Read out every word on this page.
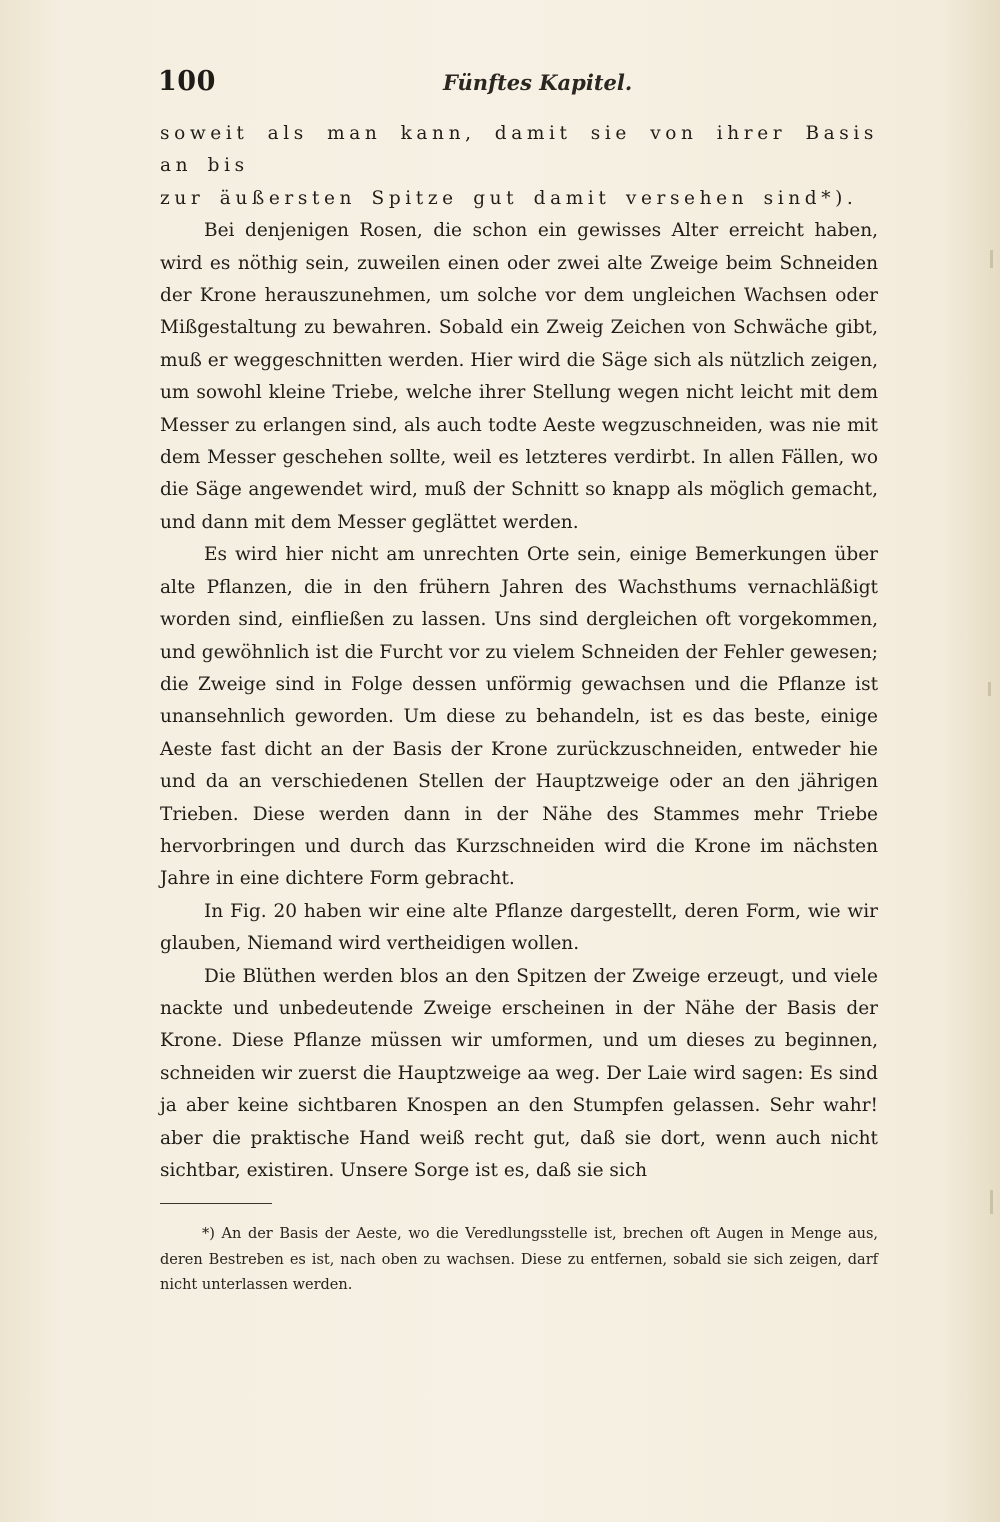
100	Fünftes Kapitel.

soweit als man kann, damit sie von ihrer Basis an bis
zur äußersten Spitze gut damit versehen sind*).

Bei denjenigen Rosen, die schon ein gewisses Alter erreicht haben, wird es nöthig sein, zuweilen einen oder zwei alte Zweige beim Schneiden der Krone herauszunehmen, um solche vor dem ungleichen Wachsen oder Mißgestaltung zu bewahren. Sobald ein Zweig Zeichen von Schwäche gibt, muß er weggeschnitten werden. Hier wird die Säge sich als nützlich zeigen, um sowohl kleine Triebe, welche ihrer Stellung wegen nicht leicht mit dem Messer zu erlangen sind, als auch todte Aeste wegzuschneiden, was nie mit dem Messer geschehen sollte, weil es letzteres verdirbt. In allen Fällen, wo die Säge angewendet wird, muß der Schnitt so knapp als möglich gemacht, und dann mit dem Messer geglättet werden.

Es wird hier nicht am unrechten Orte sein, einige Bemerkungen über alte Pflanzen, die in den frühern Jahren des Wachsthums vernachläßigt worden sind, einfließen zu lassen. Uns sind dergleichen oft vorgekommen, und gewöhnlich ist die Furcht vor zu vielem Schneiden der Fehler gewesen; die Zweige sind in Folge dessen unförmig gewachsen und die Pflanze ist unansehnlich geworden. Um diese zu behandeln, ist es das beste, einige Aeste fast dicht an der Basis der Krone zurückzuschneiden, entweder hie und da an verschiedenen Stellen der Hauptzweige oder an den jährigen Trieben. Diese werden dann in der Nähe des Stammes mehr Triebe hervorbringen und durch das Kurzschneiden wird die Krone im nächsten Jahre in eine dichtere Form gebracht.

In Fig. 20 haben wir eine alte Pflanze dargestellt, deren Form, wie wir glauben, Niemand wird vertheidigen wollen.

Die Blüthen werden blos an den Spitzen der Zweige erzeugt, und viele nackte und unbedeutende Zweige erscheinen in der Nähe der Basis der Krone. Diese Pflanze müssen wir umformen, und um dieses zu beginnen, schneiden wir zuerst die Hauptzweige aa weg. Der Laie wird sagen: Es sind ja aber keine sichtbaren Knospen an den Stumpfen gelassen. Sehr wahr! aber die praktische Hand weiß recht gut, daß sie dort, wenn auch nicht sichtbar, existiren. Unsere Sorge ist es, daß sie sich

*) An der Basis der Aeste, wo die Veredlungsstelle ist, brechen oft Augen in Menge aus, deren Bestreben es ist, nach oben zu wachsen. Diese zu entfernen, sobald sie sich zeigen, darf nicht unterlassen werden.
